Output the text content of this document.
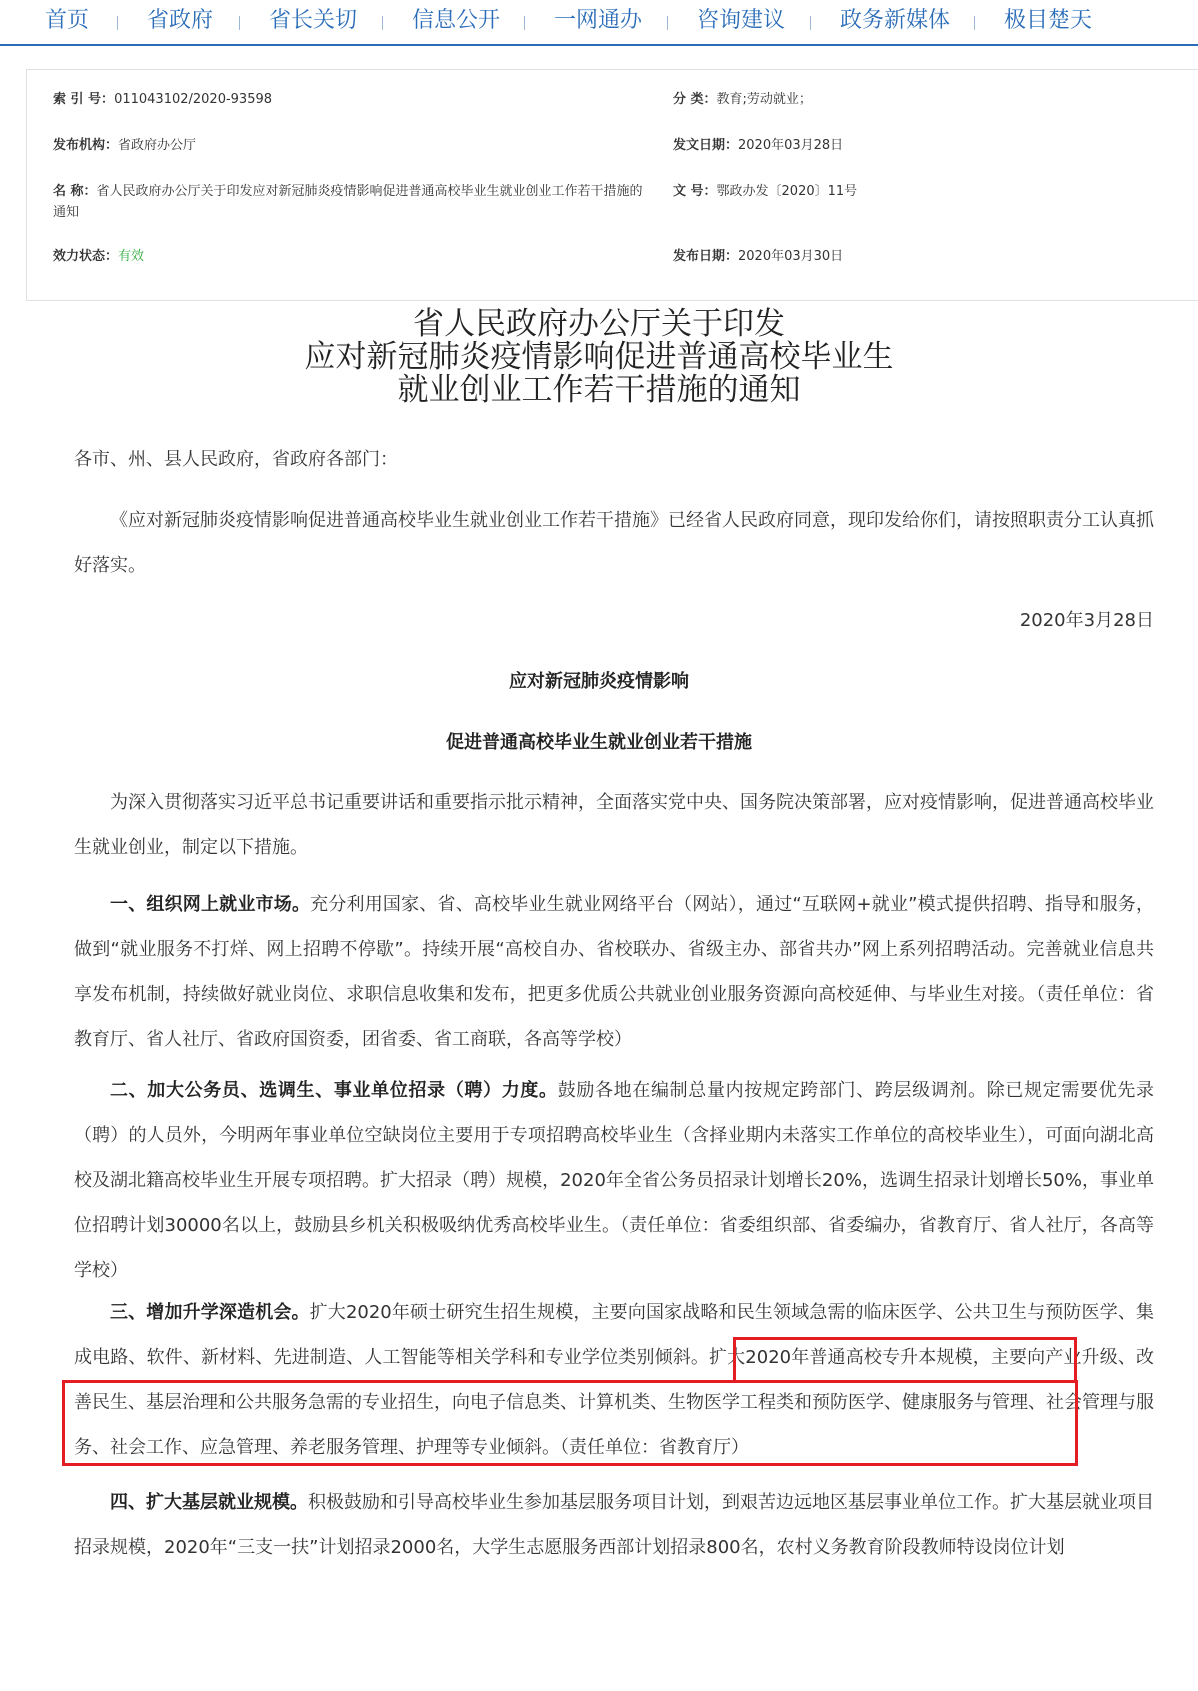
首页	省政府	省长关切 信息公开 一网通办 咨询建议 政务新媒体 极目楚天
索 引 号：011043102/2020-93598	分 类：教育;劳动就业；
发布机构：省政府办公厅	发文日期：2020年03月28日
名 称：省人民政府办公厅关于印发应对新冠肺炎疫情影响促进普通高校毕业生就业创业工作若干措施的通知
文 号：鄂政办发〔2020〕11号
效力状态：有效	发布日期：2020年03月30日
省人民政府办公厅关于印发
应对新冠肺炎疫情影响促进普通高校毕业生
就业创业工作若干措施的通知
各市、州、县人民政府，省政府各部门：
《应对新冠肺炎疫情影响促进普通高校毕业生就业创业工作若干措施》已经省人民政府同意，现印发给你们，请按照职责分工认真抓好落实。
2020年3月28日
应对新冠肺炎疫情影响
促进普通高校毕业生就业创业若干措施
为深入贯彻落实习近平总书记重要讲话和重要指示批示精神，全面落实党中央、国务院决策部署，应对疫情影响，促进普通高校毕业生就业创业，制定以下措施。
一、组织网上就业市场。充分利用国家、省、高校毕业生就业网络平台（网站），通过“互联网+就业”模式提供招聘、指导和服务，做到“就业服务不打烊、网上招聘不停歇”。持续开展“高校自办、省校联办、省级主办、部省共办”网上系列招聘活动。完善就业信息共享发布机制，持续做好就业岗位、求职信息收集和发布，把更多优质公共就业创业服务资源向高校延伸、与毕业生对接。（责任单位：省教育厅、省人社厅、省政府国资委，团省委、省工商联，各高等学校）
二、加大公务员、选调生、事业单位招录（聘）力度。鼓励各地在编制总量内按规定跨部门、跨层级调剂。除已规定需要优先录（聘）的人员外，今明两年事业单位空缺岗位主要用于专项招聘高校毕业生（含择业期内未落实工作单位的高校毕业生），可面向湖北高校及湖北籍高校毕业生开展专项招聘。扩大招录（聘）规模，2020年全省公务员招录计划增长20%，选调生招录计划增长50%，事业单位招聘计划30000名以上，鼓励县乡机关积极吸纳优秀高校毕业生。（责任单位：省委组织部、省委编办，省教育厅、省人社厅，各高等学校）
三、增加升学深造机会。扩大2020年硕士研究生招生规模，主要向国家战略和民生领域急需的临床医学、公共卫生与预防医学、集成电路、软件、新材料、先进制造、人工智能等相关学科和专业学位类别倾斜。扩大2020年普通高校专升本规模，主要向产业升级、改善民生、基层治理和公共服务急需的专业招生，向电子信息类、计算机类、生物医学工程类和预防医学、健康服务与管理、社会管理与服务、社会工作、应急管理、养老服务管理、护理等专业倾斜。（责任单位：省教育厅）
四、扩大基层就业规模。积极鼓励和引导高校毕业生参加基层服务项目计划，到艰苦边远地区基层事业单位工作。扩大基层就业项目招录规模，2020年“三支一扶”计划招录2000名，大学生志愿服务西部计划招录800名，农村义务教育阶段教师特设岗位计划
